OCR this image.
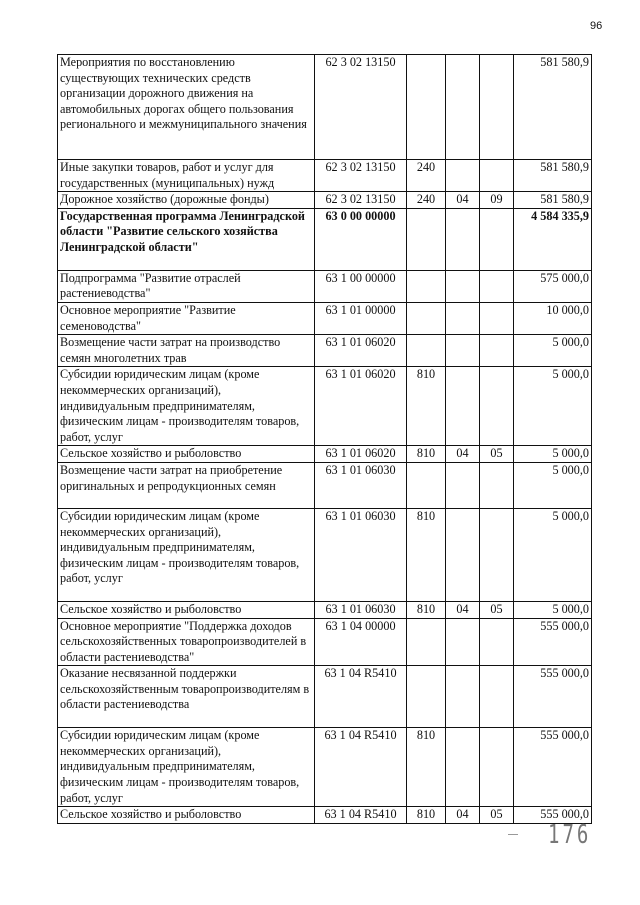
96
Мероприятия по восстановлению существующих технических средств организации дорожного движения на автомобильных дорогах общего пользования регионального и межмуниципального значения	62 3 02 13150				581 580,9
Иные закупки товаров, работ и услуг для государственных (муниципальных) нужд	62 3 02 13150	240			581 580,9
Дорожное хозяйство (дорожные фонды)	62 3 02 13150	240	04	09	581 580,9
Государственная программа Ленинградской области "Развитие сельского хозяйства Ленинградской области"	63 0 00 00000				4 584 335,9
Подпрограмма "Развитие отраслей растениеводства"	63 1 00 00000				575 000,0
Основное мероприятие "Развитие семеноводства"	63 1 01 00000				10 000,0
Возмещение части затрат на производство семян многолетних трав	63 1 01 06020				5 000,0
Субсидии юридическим лицам (кроме некоммерческих организаций), индивидуальным предпринимателям, физическим лицам - производителям товаров, работ, услуг	63 1 01 06020	810			5 000,0
Сельское хозяйство и рыболовство	63 1 01 06020	810	04	05	5 000,0
Возмещение части затрат на приобретение оригинальных и репродукционных семян	63 1 01 06030				5 000,0
Субсидии юридическим лицам (кроме некоммерческих организаций), индивидуальным предпринимателям, физическим лицам - производителям товаров, работ, услуг	63 1 01 06030	810			5 000,0
Сельское хозяйство и рыболовство	63 1 01 06030	810	04	05	5 000,0
Основное мероприятие "Поддержка доходов сельскохозяйственных товаропроизводителей в области растениеводства"	63 1 04 00000				555 000,0
Оказание несвязанной поддержки сельскохозяйственным товаропроизводителям в области растениеводства	63 1 04 R5410				555 000,0
Субсидии юридическим лицам (кроме некоммерческих организаций), индивидуальным предпринимателям, физическим лицам - производителям товаров, работ, услуг	63 1 04 R5410	810			555 000,0
Сельское хозяйство и рыболовство	63 1 04 R5410	810	04	05	555 000,0
176
